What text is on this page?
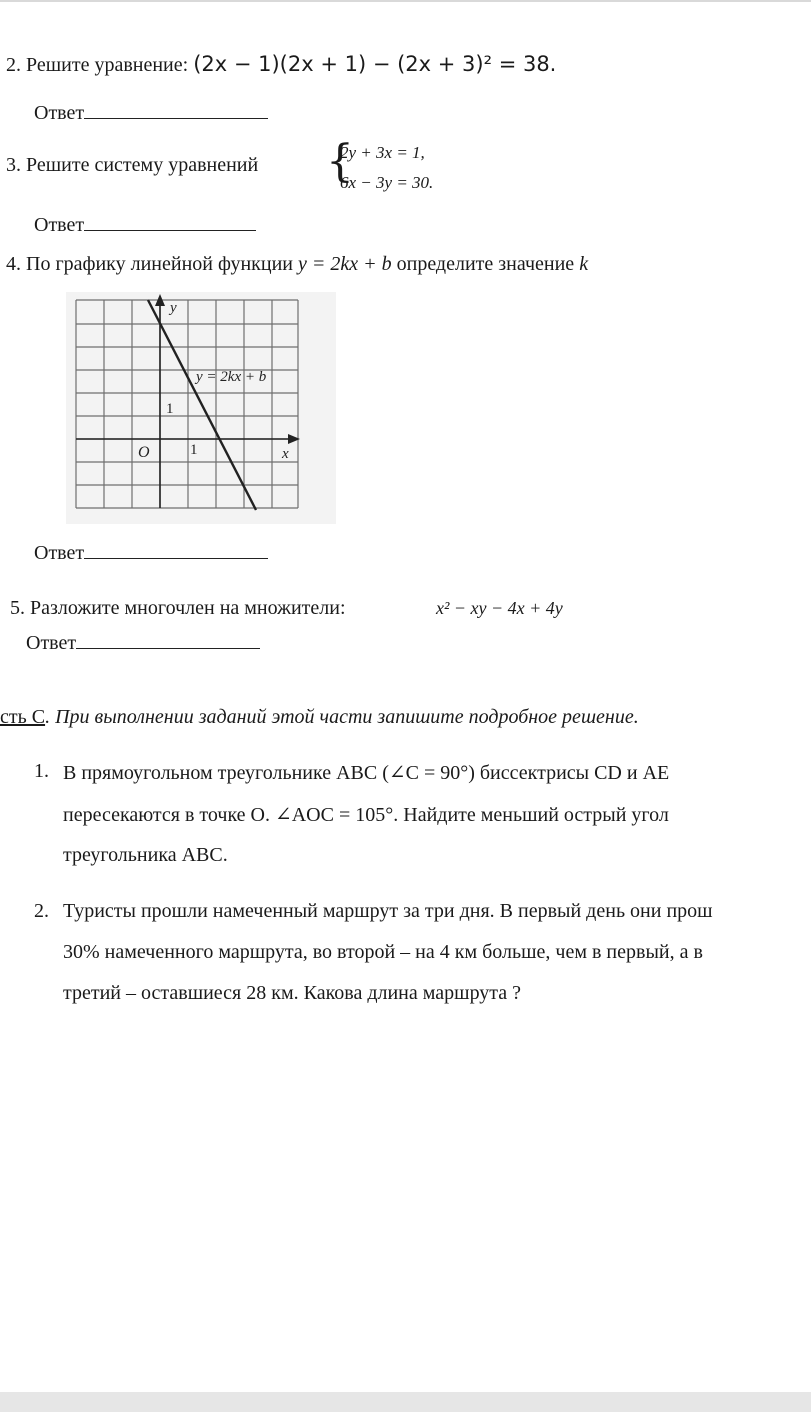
2. Решите уравнение: (2x − 1)(2x + 1) − (2x + 3)² = 38.
Ответ
3. Решите систему уравнений {
2y + 3x = 1,
6x − 3y = 30.
Ответ
4. По графику линейной функции y = 2kx + b определите значение k
y
x
O	1
1
y = 2kx + b
Ответ
5. Разложите многочлен на множители:	x² − xy − 4x + 4y
Ответ
сть С. При выполнении заданий этой части запишите подробное решение.
1. В прямоугольном треугольнике ABC (∠C = 90°) биссектрисы CD и AE
пересекаются в точке O. ∠AOC = 105°. Найдите меньший острый угол
треугольника ABC.
2. Туристы прошли намеченный маршрут за три дня. В первый день они прош
30% намеченного маршрута, во второй – на 4 км больше, чем в первый, а в
третий – оставшиеся 28 км. Какова длина маршрута ?
